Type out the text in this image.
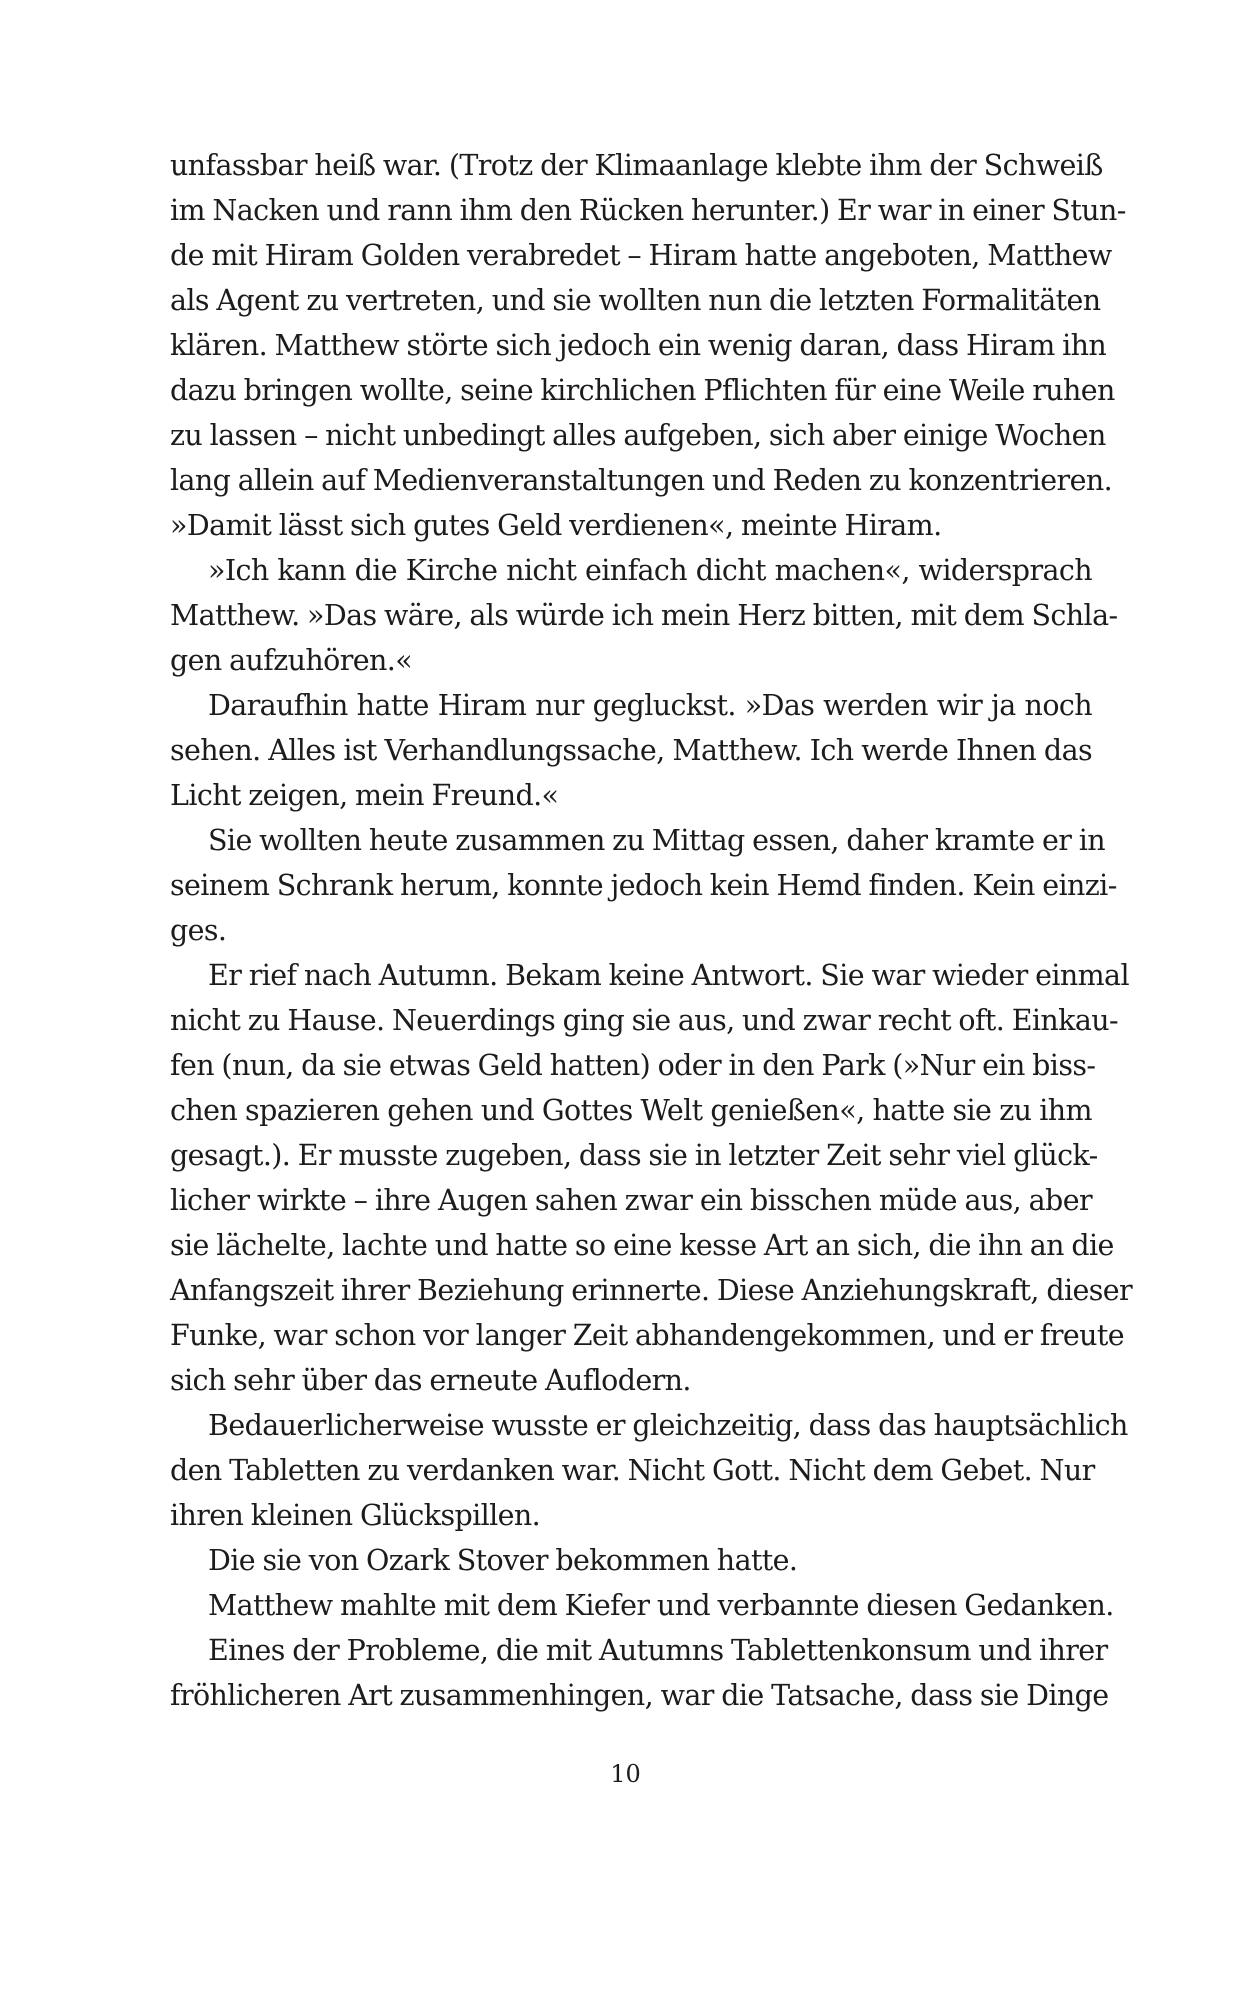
unfassbar heiß war. (Trotz der Klimaanlage klebte ihm der Schweiß
im Nacken und rann ihm den Rücken herunter.) Er war in einer Stun-
de mit Hiram Golden verabredet – Hiram hatte angeboten, Matthew
als Agent zu vertreten, und sie wollten nun die letzten Formalitäten
klären. Matthew störte sich jedoch ein wenig daran, dass Hiram ihn
dazu bringen wollte, seine kirchlichen Pflichten für eine Weile ruhen
zu lassen – nicht unbedingt alles aufgeben, sich aber einige Wochen
lang allein auf Medienveranstaltungen und Reden zu konzentrieren.
»Damit lässt sich gutes Geld verdienen«, meinte Hiram.
»Ich kann die Kirche nicht einfach dicht machen«, widersprach
Matthew. »Das wäre, als würde ich mein Herz bitten, mit dem Schla-
gen aufzuhören.«
Daraufhin hatte Hiram nur gegluckst. »Das werden wir ja noch
sehen. Alles ist Verhandlungssache, Matthew. Ich werde Ihnen das
Licht zeigen, mein Freund.«
Sie wollten heute zusammen zu Mittag essen, daher kramte er in
seinem Schrank herum, konnte jedoch kein Hemd finden. Kein einzi-
ges.
Er rief nach Autumn. Bekam keine Antwort. Sie war wieder einmal
nicht zu Hause. Neuerdings ging sie aus, und zwar recht oft. Einkau-
fen (nun, da sie etwas Geld hatten) oder in den Park (»Nur ein biss-
chen spazieren gehen und Gottes Welt genießen«, hatte sie zu ihm
gesagt.). Er musste zugeben, dass sie in letzter Zeit sehr viel glück-
licher wirkte – ihre Augen sahen zwar ein bisschen müde aus, aber
sie lächelte, lachte und hatte so eine kesse Art an sich, die ihn an die
Anfangszeit ihrer Beziehung erinnerte. Diese Anziehungskraft, dieser
Funke, war schon vor langer Zeit abhandengekommen, und er freute
sich sehr über das erneute Auflodern.
Bedauerlicherweise wusste er gleichzeitig, dass das hauptsächlich
den Tabletten zu verdanken war. Nicht Gott. Nicht dem Gebet. Nur
ihren kleinen Glückspillen.
Die sie von Ozark Stover bekommen hatte.
Matthew mahlte mit dem Kiefer und verbannte diesen Gedanken.
Eines der Probleme, die mit Autumns Tablettenkonsum und ihrer
fröhlicheren Art zusammenhingen, war die Tatsache, dass sie Dinge
10
